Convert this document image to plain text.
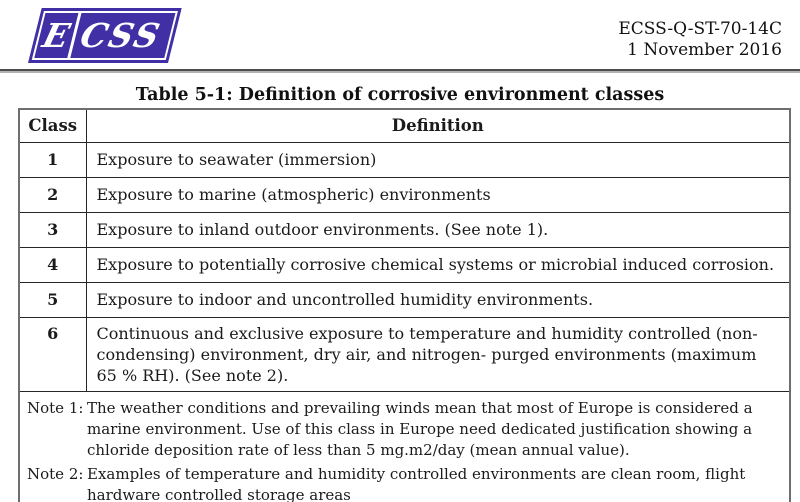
E CSS	ECSS-Q-ST-70-14C
1 November 2016
Table 5-1: Definition of corrosive environment classes
Class	Definition
1	Exposure to seawater (immersion)
2	Exposure to marine (atmospheric) environments
3	Exposure to inland outdoor environments. (See note 1).
4	Exposure to potentially corrosive chemical systems or microbial induced corrosion.
5	Exposure to indoor and uncontrolled humidity environments.
6	Continuous and exclusive exposure to temperature and humidity controlled (non-condensing) environment, dry air, and nitrogen- purged environments (maximum 65 % RH). (See note 2).

Note 1: The weather conditions and prevailing winds mean that most of Europe is considered a marine environment. Use of this class in Europe need dedicated justification showing a chloride deposition rate of less than 5 mg.m2/day (mean annual value).
Note 2: Examples of temperature and humidity controlled environments are clean room, flight hardware controlled storage areas	
